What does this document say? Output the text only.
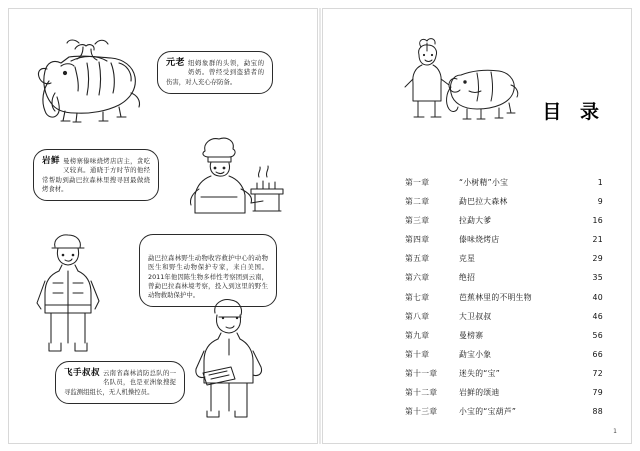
元老 纽姆象群的头领，勐宝的奶奶。曾经受到盗猎者的伤害，对人充心存防备。
岩鲜 曼榜寨傣味烧烤店店主，贪吃又较真。通晓于方时节的他经常帮助到勐巴拉森林里搜寻回最做烧烤食材。
勐巴拉森林野生动物收容救护中心的动物医生和野生动物保护专家，来自美国。2011年他因陈生物多样性考察团到云南，曾勐巴拉森林境考察，投入到这里的野生动物救助保护中。
飞手叔叔 云南省森林消防总队的一名队员，也是亚洲象搜捉寻监测组组长，无人机操控员。
目 录
第一章	“小树精”小宝	1
第二章	勐巴拉大森林	9
第三章	拉勐大爹	16
第四章	傣味烧烤店	21
第五章	克星	29
第六章	绝招	35
第七章	芭蕉林里的不明生物	40
第八章	大卫叔叔	46
第九章	曼榜寨	56
第十章	勐宝小象	66
第十一章	迷失的“宝”	72
第十二章	岩鲜的颂迪	79
第十三章	小宝的“宝葫芦”	88
1
